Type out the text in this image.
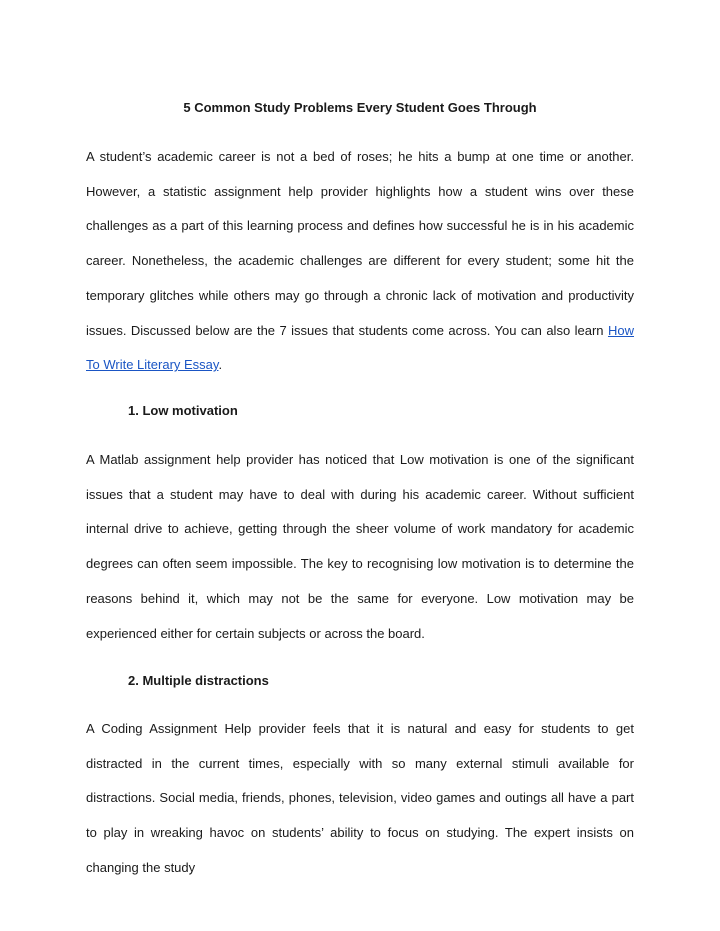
5 Common Study Problems Every Student Goes Through

A student’s academic career is not a bed of roses; he hits a bump at one time or another. However, a statistic assignment help provider highlights how a student wins over these challenges as a part of this learning process and defines how successful he is in his academic career. Nonetheless, the academic challenges are different for every student; some hit the temporary glitches while others may go through a chronic lack of motivation and productivity issues. Discussed below are the 7 issues that students come across. You can also learn How To Write Literary Essay.

1. Low motivation

A Matlab assignment help provider has noticed that Low motivation is one of the significant issues that a student may have to deal with during his academic career. Without sufficient internal drive to achieve, getting through the sheer volume of work mandatory for academic degrees can often seem impossible. The key to recognising low motivation is to determine the reasons behind it, which may not be the same for everyone. Low motivation may be experienced either for certain subjects or across the board.

2. Multiple distractions

A Coding Assignment Help provider feels that it is natural and easy for students to get distracted in the current times, especially with so many external stimuli available for distractions. Social media, friends, phones, television, video games and outings all have a part to play in wreaking havoc on students’ ability to focus on studying. The expert insists on changing the study
